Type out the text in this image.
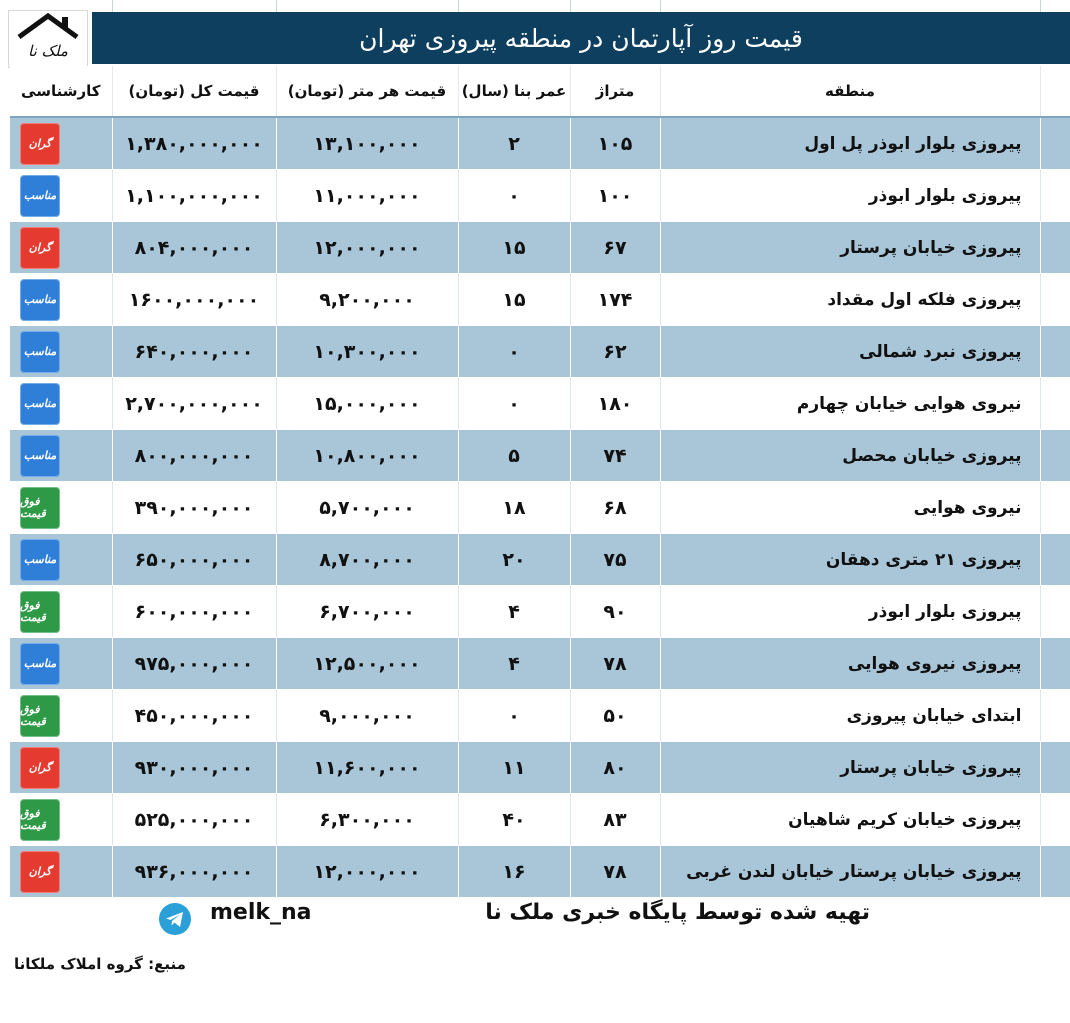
ملک نا	قیمت روز آپارتمان در منطقه پیروزی تهران
کارشناسی	قیمت کل (تومان)	قیمت هر متر (تومان)	عمر بنا (سال)	متراژ	منطقه	
گران	۱,۳۸۰,۰۰۰,۰۰۰	۱۳,۱۰۰,۰۰۰	۲	۱۰۵	پیروزی بلوار ابوذر پل اول	
مناسب	۱,۱۰۰,۰۰۰,۰۰۰	۱۱,۰۰۰,۰۰۰	۰	۱۰۰	پیروزی بلوار ابوذر	
گران	۸۰۴,۰۰۰,۰۰۰	۱۲,۰۰۰,۰۰۰	۱۵	۶۷	پیروزی خیابان پرستار	
مناسب	۱۶۰۰,۰۰۰,۰۰۰	۹,۲۰۰,۰۰۰	۱۵	۱۷۴	پیروزی فلکه اول مقداد	
مناسب	۶۴۰,۰۰۰,۰۰۰	۱۰,۳۰۰,۰۰۰	۰	۶۲	پیروزی نبرد شمالی	
مناسب	۲,۷۰۰,۰۰۰,۰۰۰	۱۵,۰۰۰,۰۰۰	۰	۱۸۰	نیروی هوایی خیابان چهارم	
مناسب	۸۰۰,۰۰۰,۰۰۰	۱۰,۸۰۰,۰۰۰	۵	۷۴	پیروزی خیابان محصل	
فوق قیمت	۳۹۰,۰۰۰,۰۰۰	۵,۷۰۰,۰۰۰	۱۸	۶۸	نیروی هوایی	
مناسب	۶۵۰,۰۰۰,۰۰۰	۸,۷۰۰,۰۰۰	۲۰	۷۵	پیروزی ۲۱ متری دهقان	
فوق قیمت	۶۰۰,۰۰۰,۰۰۰	۶,۷۰۰,۰۰۰	۴	۹۰	پیروزی بلوار ابوذر	
مناسب	۹۷۵,۰۰۰,۰۰۰	۱۲,۵۰۰,۰۰۰	۴	۷۸	پیروزی نیروی هوایی	
فوق قیمت	۴۵۰,۰۰۰,۰۰۰	۹,۰۰۰,۰۰۰	۰	۵۰	ابتدای خیابان پیروزی	
گران	۹۳۰,۰۰۰,۰۰۰	۱۱,۶۰۰,۰۰۰	۱۱	۸۰	پیروزی خیابان پرستار	
فوق قیمت	۵۲۵,۰۰۰,۰۰۰	۶,۳۰۰,۰۰۰	۴۰	۸۳	پیروزی خیابان کریم شاهیان	
گران	۹۳۶,۰۰۰,۰۰۰	۱۲,۰۰۰,۰۰۰	۱۶	۷۸	پیروزی خیابان پرستار خیابان لندن غربی	
تهیه شده توسط پایگاه خبری ملک نا
melk_na
منبع: گروه املاک ملکانا
